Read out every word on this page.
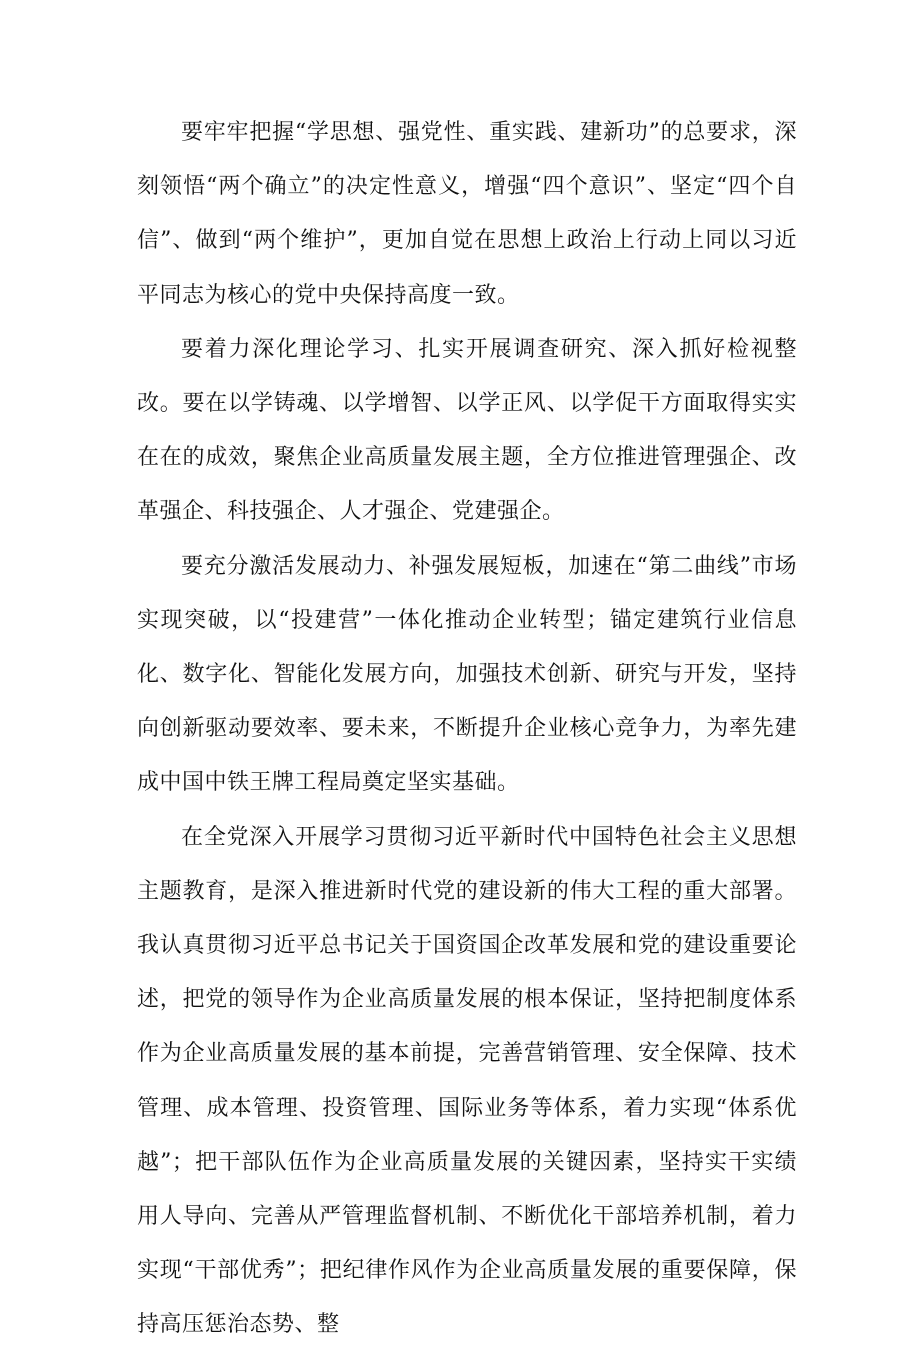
要牢牢把握“学思想、强党性、重实践、建新功”的总要求，深刻领悟“两个确立”的决定性意义，增强“四个意识”、坚定“四个自信”、做到“两个维护”，更加自觉在思想上政治上行动上同以习近平同志为核心的党中央保持高度一致。

要着力深化理论学习、扎实开展调查研究、深入抓好检视整改。要在以学铸魂、以学增智、以学正风、以学促干方面取得实实在在的成效，聚焦企业高质量发展主题，全方位推进管理强企、改革强企、科技强企、人才强企、党建强企。

要充分激活发展动力、补强发展短板，加速在“第二曲线”市场实现突破，以“投建营”一体化推动企业转型；锚定建筑行业信息化、数字化、智能化发展方向，加强技术创新、研究与开发，坚持向创新驱动要效率、要未来，不断提升企业核心竞争力，为率先建成中国中铁王牌工程局奠定坚实基础。

在全党深入开展学习贯彻习近平新时代中国特色社会主义思想主题教育，是深入推进新时代党的建设新的伟大工程的重大部署。我认真贯彻习近平总书记关于国资国企改革发展和党的建设重要论述，把党的领导作为企业高质量发展的根本保证，坚持把制度体系作为企业高质量发展的基本前提，完善营销管理、安全保障、技术管理、成本管理、投资管理、国际业务等体系，着力实现“体系优越”；把干部队伍作为企业高质量发展的关键因素，坚持实干实绩用人导向、完善从严管理监督机制、不断优化干部培养机制，着力实现“干部优秀”；把纪律作风作为企业高质量发展的重要保障，保持高压惩治态势、整
